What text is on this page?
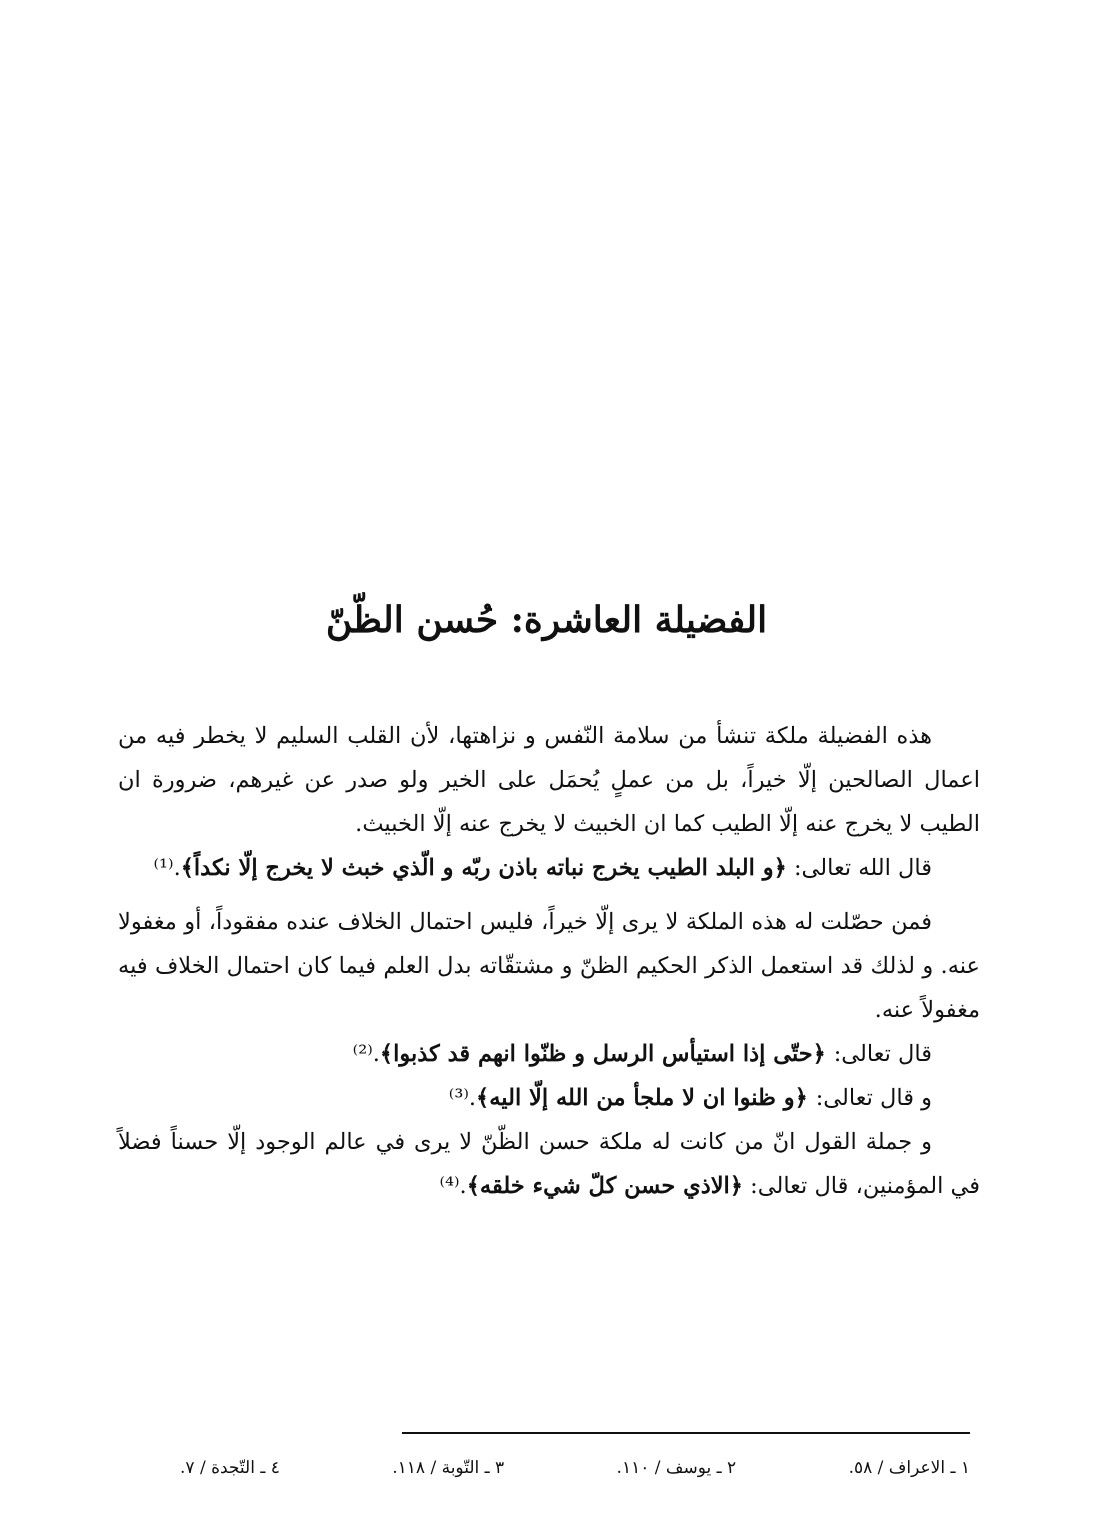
الفضيلة العاشرة: حُسن الظّنّ

هذه الفضيلة ملكة تنشأ من سلامة النّفس و نزاهتها، لأن القلب السليم لا يخطر فيه من اعمال الصالحين إلّا خيراً، بل من عملٍ يُحمَل على الخير ولو صدر عن غيرهم، ضرورة ان الطيب لا يخرج عنه إلّا الطيب كما ان الخبيث لا يخرج عنه إلّا الخبيث.

قال الله تعالى: ﴿و البلد الطيب يخرج نباته باذن ربّه و الّذي خبث لا يخرج إلّا نكداً﴾.⁽¹⁾

فمن حصّلت له هذه الملكة لا يرى إلّا خيراً، فليس احتمال الخلاف عنده مفقوداً، أو مغفولا عنه. و لذلك قد استعمل الذكر الحكيم الظنّ و مشتقّاته بدل العلم فيما كان احتمال الخلاف فيه مغفولاً عنه.

قال تعالى: ﴿حتّى إذا استيأس الرسل و ظنّوا انهم قد كذبوا﴾.⁽²⁾

و قال تعالى: ﴿و ظنوا ان لا ملجأ من الله إلّا اليه﴾.⁽³⁾

و جملة القول انّ من كانت له ملكة حسن الظّنّ لا يرى في عالم الوجود إلّا حسناً فضلاً في المؤمنين، قال تعالى: ﴿الاذي حسن كلّ شيء خلقه﴾.⁽⁴⁾

١ ـ الاعراف / ٥٨.
٢ ـ يوسف / ١١٠.
٣ ـ التّوبة / ١١٨.
٤ ـ التّجدة / ٧.
